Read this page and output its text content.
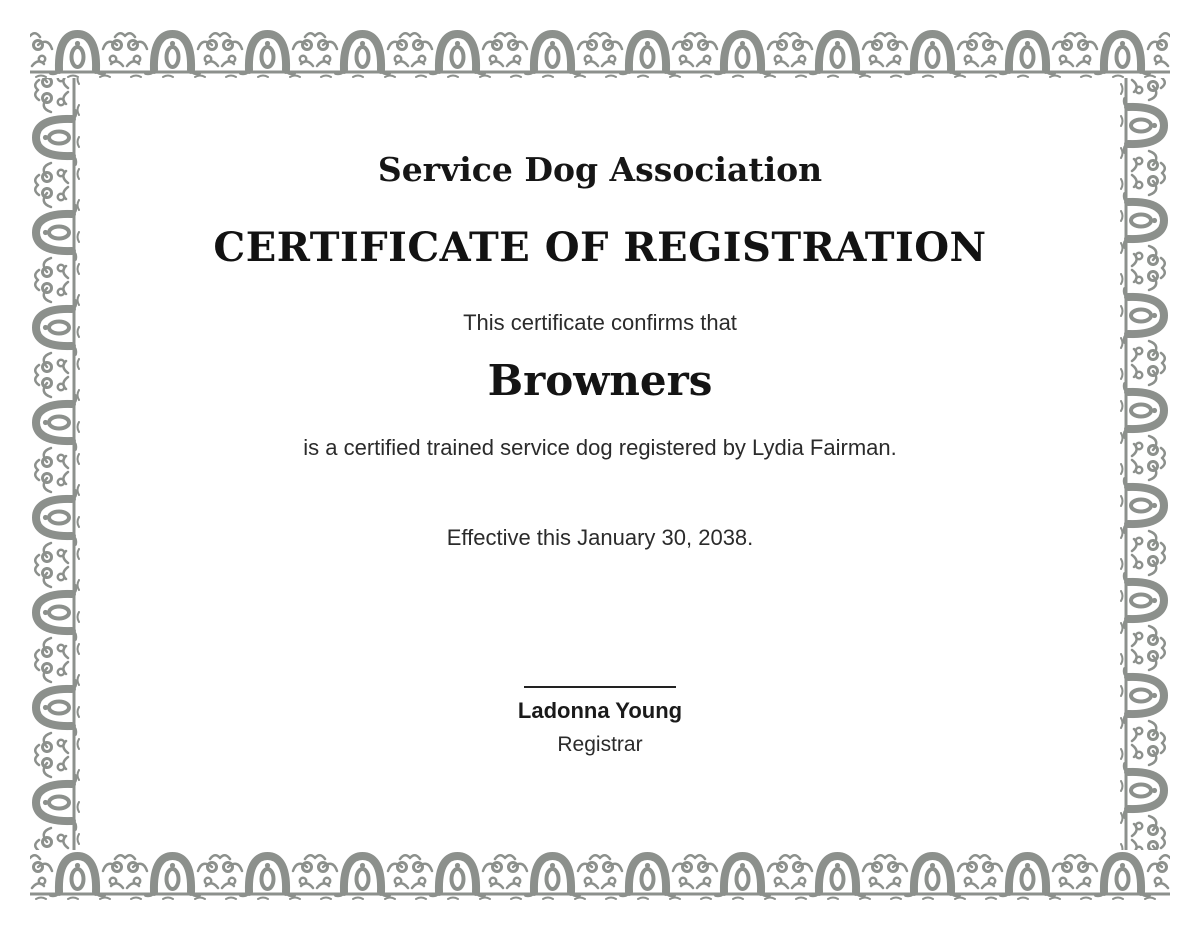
Service Dog Association
CERTIFICATE OF REGISTRATION
This certificate confirms that
Browners
is a certified trained service dog registered by Lydia Fairman.
Effective this January 30, 2038.
Ladonna Young
Registrar
